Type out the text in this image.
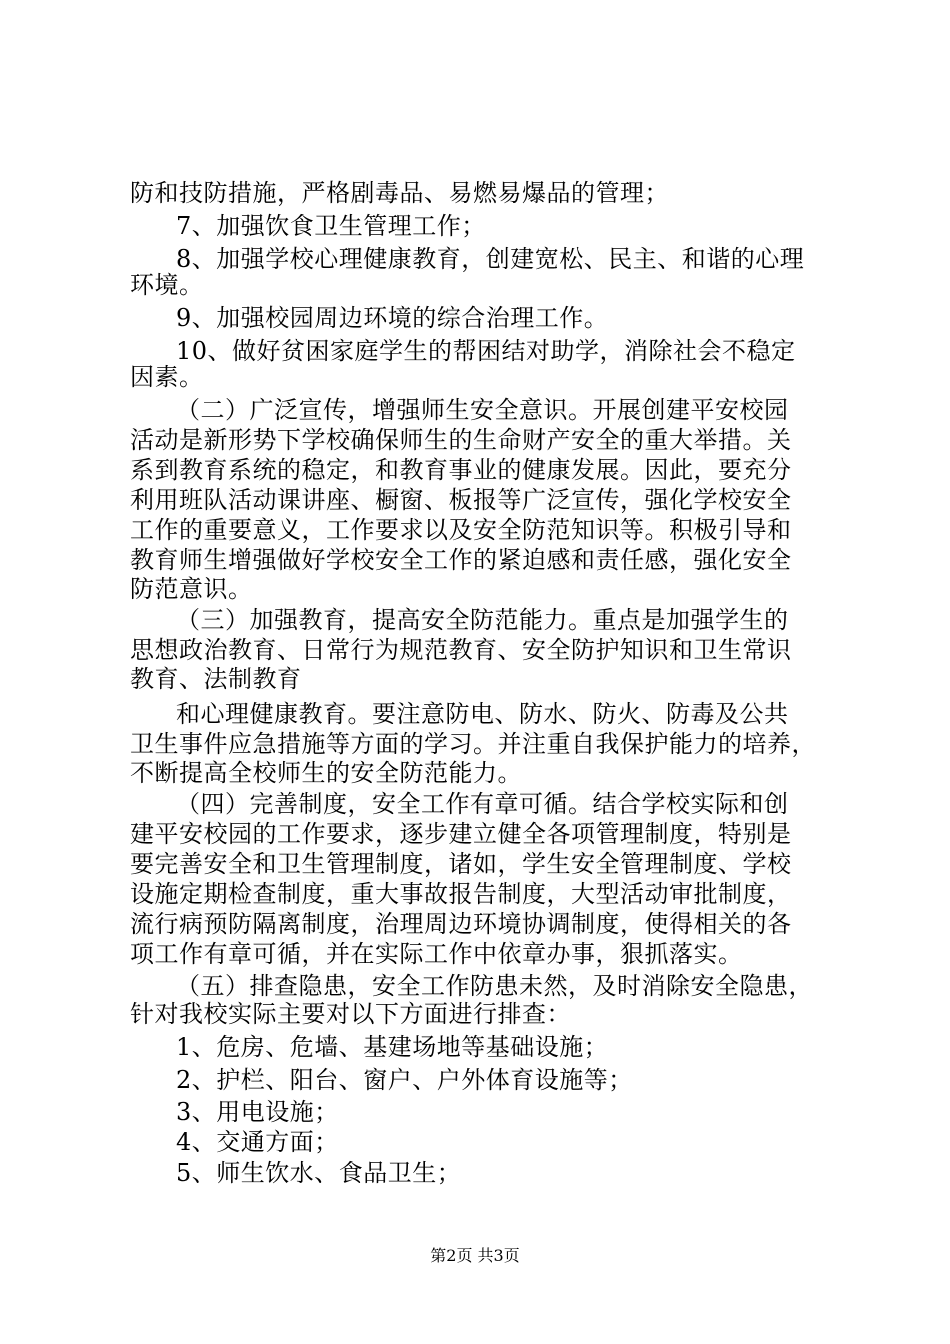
防和技防措施，严格剧毒品、易燃易爆品的管理；
7、加强饮食卫生管理工作；
8、加强学校心理健康教育，创建宽松、民主、和谐的心理
环境。
9、加强校园周边环境的综合治理工作。
10、做好贫困家庭学生的帮困结对助学，消除社会不稳定
因素。
（二）广泛宣传，增强师生安全意识。开展创建平安校园
活动是新形势下学校确保师生的生命财产安全的重大举措。关
系到教育系统的稳定，和教育事业的健康发展。因此，要充分
利用班队活动课讲座、橱窗、板报等广泛宣传，强化学校安全
工作的重要意义，工作要求以及安全防范知识等。积极引导和
教育师生增强做好学校安全工作的紧迫感和责任感，强化安全
防范意识。
（三）加强教育，提高安全防范能力。重点是加强学生的
思想政治教育、日常行为规范教育、安全防护知识和卫生常识
教育、法制教育
和心理健康教育。要注意防电、防水、防火、防毒及公共
卫生事件应急措施等方面的学习。并注重自我保护能力的培养，
不断提高全校师生的安全防范能力。
（四）完善制度，安全工作有章可循。结合学校实际和创
建平安校园的工作要求，逐步建立健全各项管理制度，特别是
要完善安全和卫生管理制度，诸如，学生安全管理制度、学校
设施定期检查制度，重大事故报告制度，大型活动审批制度，
流行病预防隔离制度，治理周边环境协调制度，使得相关的各
项工作有章可循，并在实际工作中依章办事，狠抓落实。
（五）排查隐患，安全工作防患未然，及时消除安全隐患，
针对我校实际主要对以下方面进行排查：
1、危房、危墙、基建场地等基础设施；
2、护栏、阳台、窗户、户外体育设施等；
3、用电设施；
4、交通方面；
5、师生饮水、食品卫生；
第2页 共3页
